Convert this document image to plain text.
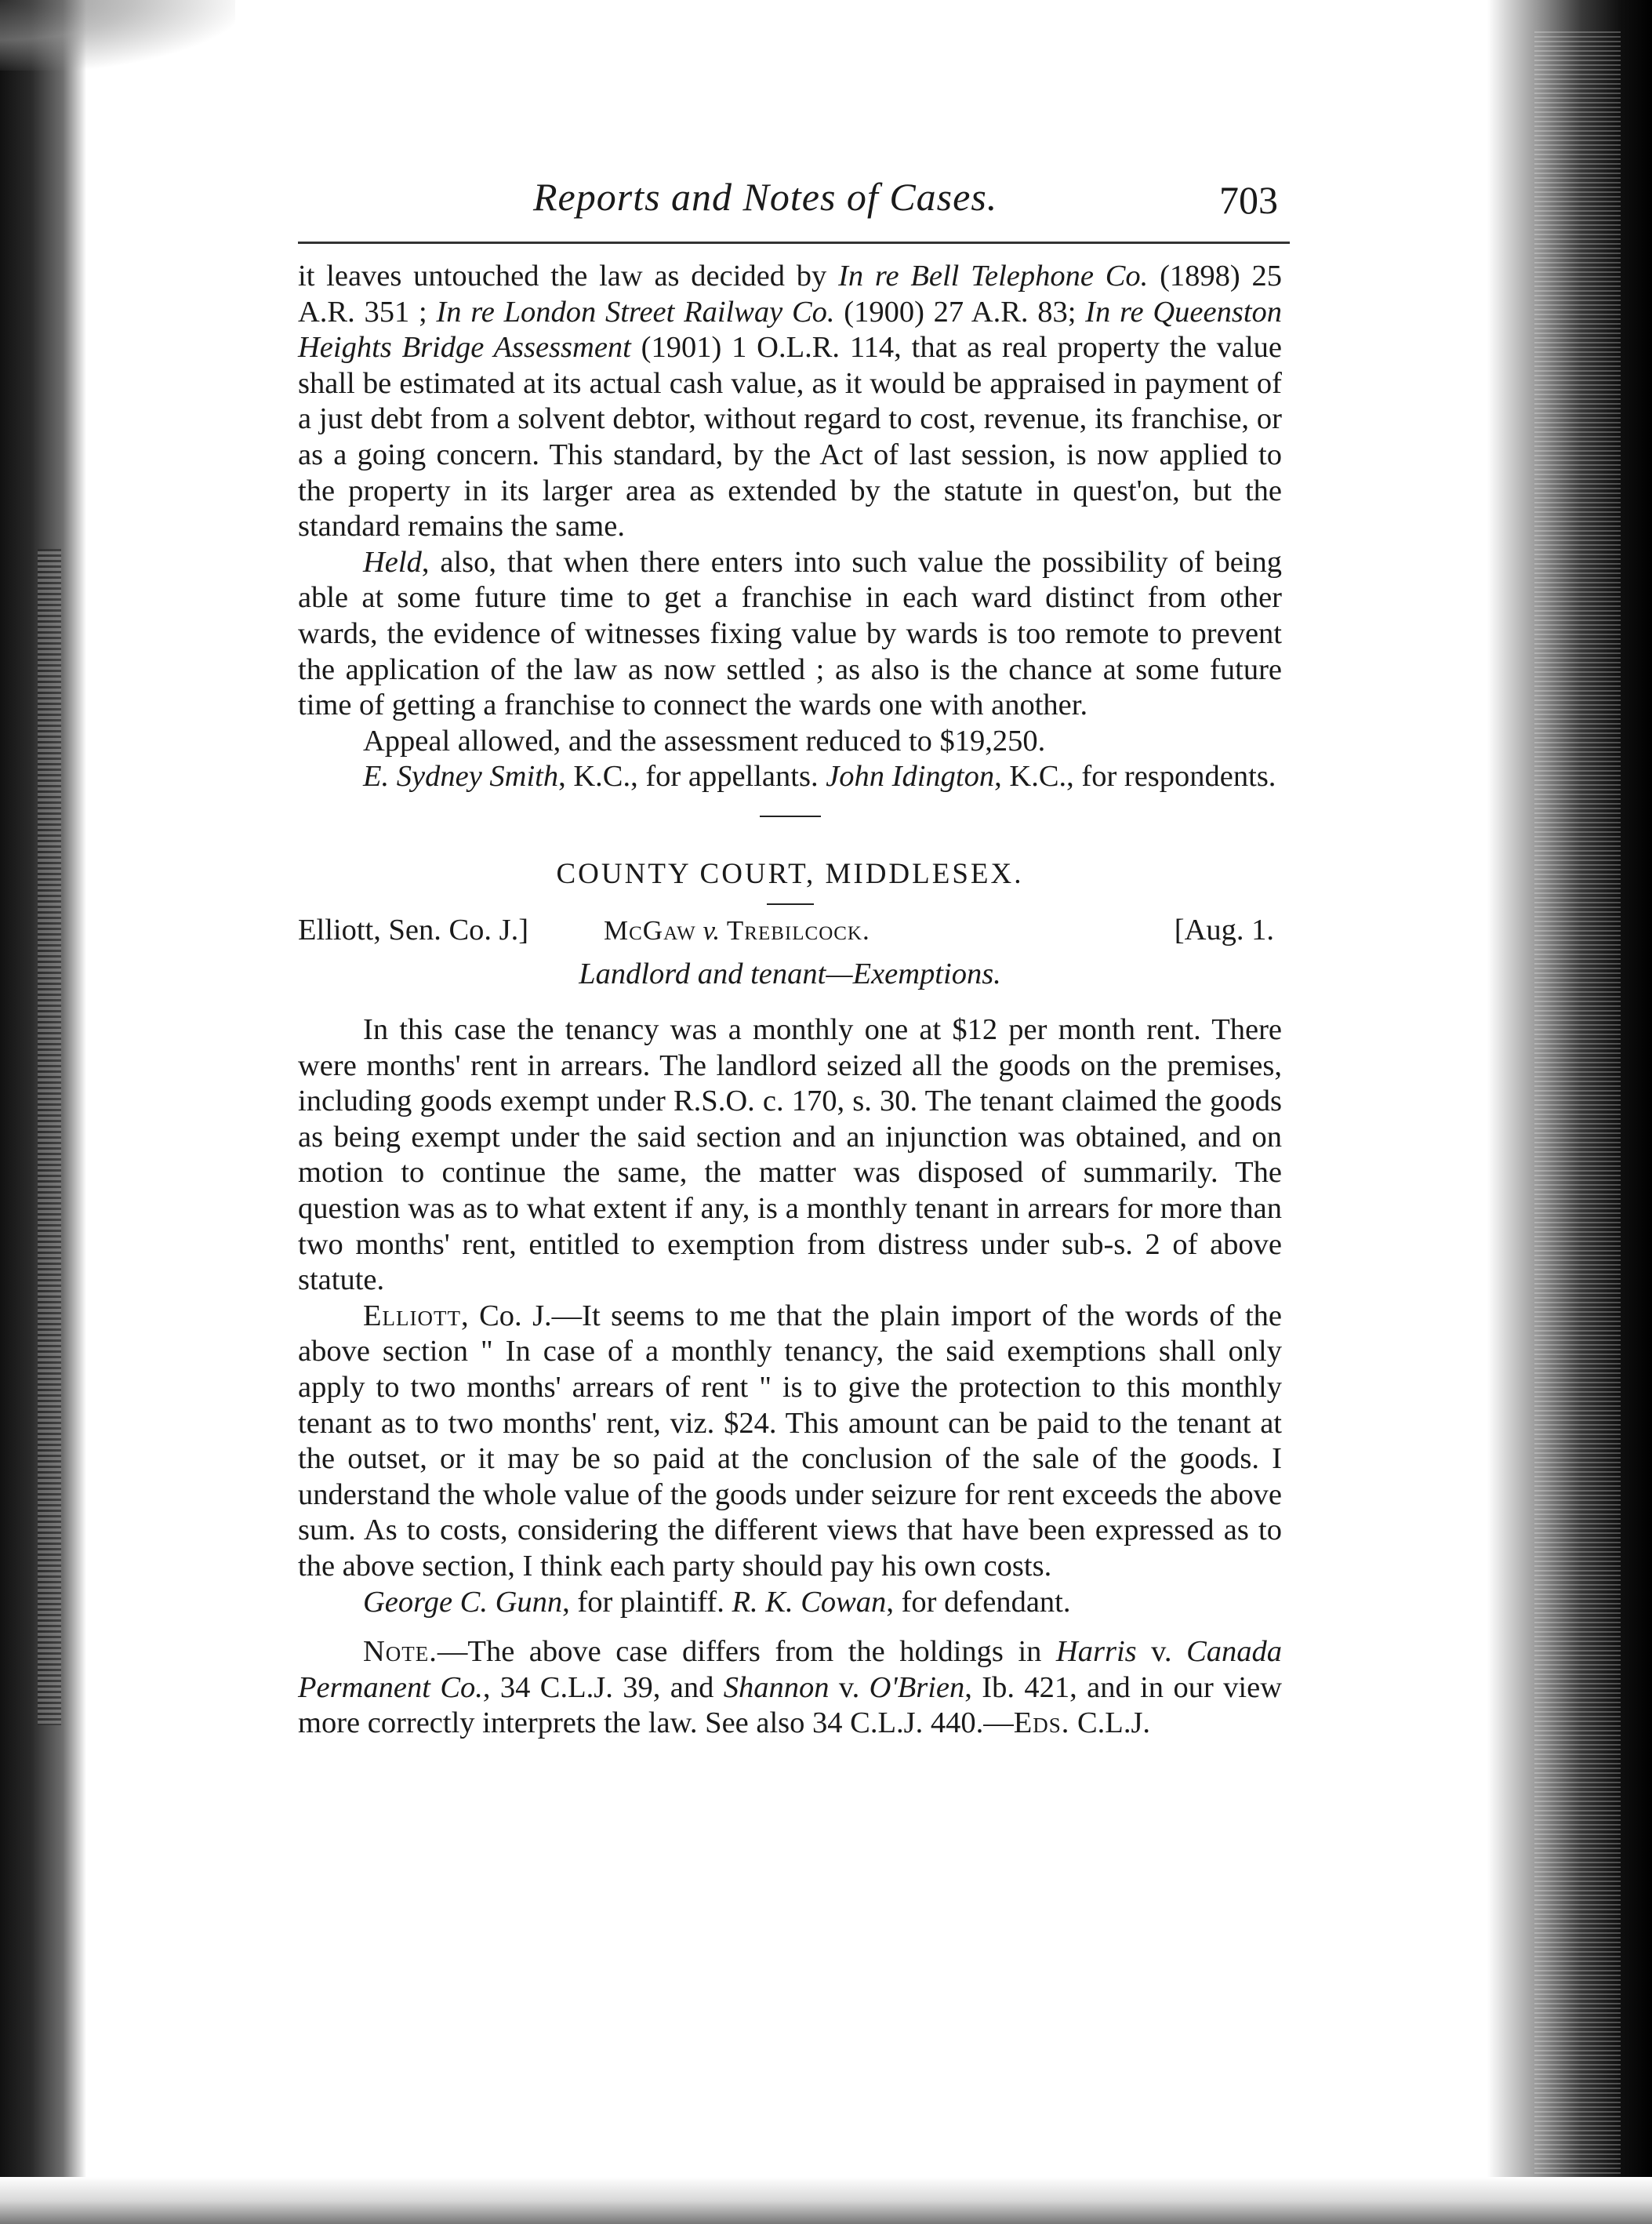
Reports and Notes of Cases.	703

it leaves untouched the law as decided by In re Bell Telephone Co. (1898) 25 A.R. 351 ; In re London Street Railway Co. (1900) 27 A.R. 83; In re Queenston Heights Bridge Assessment (1901) 1 O.L.R. 114, that as real property the value shall be estimated at its actual cash value, as it would be appraised in payment of a just debt from a solvent debtor, without regard to cost, revenue, its franchise, or as a going concern. This standard, by the Act of last session, is now applied to the property in its larger area as extended by the statute in quest'on, but the standard remains the same.

Held, also, that when there enters into such value the possibility of being able at some future time to get a franchise in each ward distinct from other wards, the evidence of witnesses fixing value by wards is too remote to prevent the application of the law as now settled ; as also is the chance at some future time of getting a franchise to connect the wards one with another.

Appeal allowed, and the assessment reduced to $19,250.

E. Sydney Smith, K.C., for appellants. John Idington, K.C., for respondents.

COUNTY COURT, MIDDLESEX.
Elliott, Sen. Co. J.]	McGaw v. Trebilcock.	[Aug. 1.
Landlord and tenant—Exemptions.

In this case the tenancy was a monthly one at $12 per month rent. There were months' rent in arrears. The landlord seized all the goods on the premises, including goods exempt under R.S.O. c. 170, s. 30. The tenant claimed the goods as being exempt under the said section and an injunction was obtained, and on motion to continue the same, the matter was disposed of summarily. The question was as to what extent if any, is a monthly tenant in arrears for more than two months' rent, entitled to exemption from distress under sub-s. 2 of above statute.

Elliott, Co. J.—It seems to me that the plain import of the words of the above section " In case of a monthly tenancy, the said exemptions shall only apply to two months' arrears of rent " is to give the protection to this monthly tenant as to two months' rent, viz. $24. This amount can be paid to the tenant at the outset, or it may be so paid at the conclusion of the sale of the goods. I understand the whole value of the goods under seizure for rent exceeds the above sum. As to costs, considering the different views that have been expressed as to the above section, I think each party should pay his own costs.

George C. Gunn, for plaintiff. R. K. Cowan, for defendant.

Note.—The above case differs from the holdings in Harris v. Canada Permanent Co., 34 C.L.J. 39, and Shannon v. O'Brien, Ib. 421, and in our view more correctly interprets the law. See also 34 C.L.J. 440.—Eds. C.L.J.
